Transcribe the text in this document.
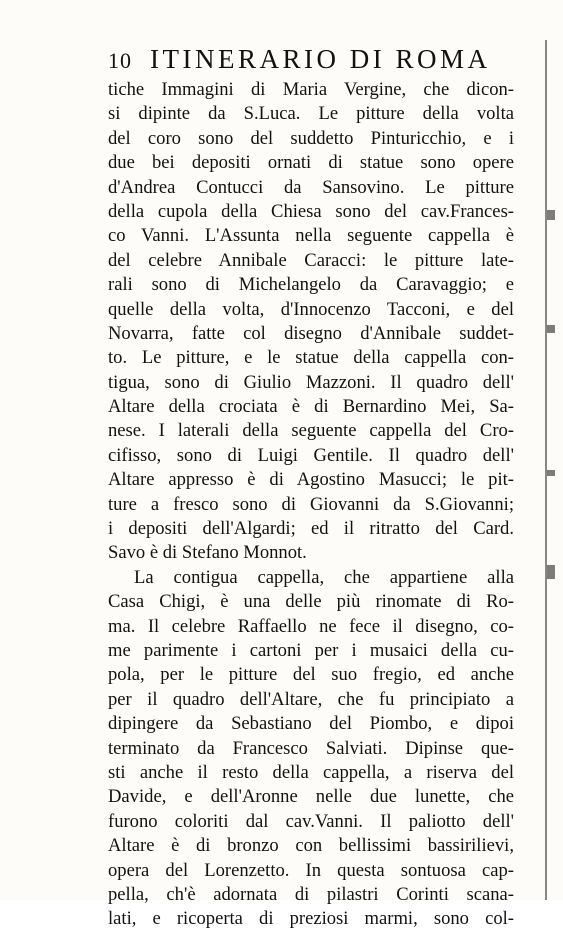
10 ITINERARIO DI ROMA
tiche Immagini di Maria Vergine, che dicon-
si dipinte da S.Luca. Le pitture della volta
del coro sono del suddetto Pinturicchio, e i
due bei depositi ornati di statue sono opere
d'Andrea Contucci da Sansovino. Le pitture
della cupola della Chiesa sono del cav.Frances-
co Vanni. L'Assunta nella seguente cappella è
del celebre Annibale Caracci: le pitture late-
rali sono di Michelangelo da Caravaggio; e
quelle della volta, d'Innocenzo Tacconi, e del
Novarra, fatte col disegno d'Annibale suddet-
to. Le pitture, e le statue della cappella con-
tigua, sono di Giulio Mazzoni. Il quadro dell'
Altare della crociata è di Bernardino Mei, Sa-
nese. I laterali della seguente cappella del Cro-
cifisso, sono di Luigi Gentile. Il quadro dell'
Altare appresso è di Agostino Masucci; le pit-
ture a fresco sono di Giovanni da S.Giovanni;
i depositi dell'Algardi; ed il ritratto del Card.
Savo è di Stefano Monnot.
La contigua cappella, che appartiene alla
Casa Chigi, è una delle più rinomate di Ro-
ma. Il celebre Raffaello ne fece il disegno, co-
me parimente i cartoni per i musaici della cu-
pola, per le pitture del suo fregio, ed anche
per il quadro dell'Altare, che fu principiato a
dipingere da Sebastiano del Piombo, e dipoi
terminato da Francesco Salviati. Dipinse que-
sti anche il resto della cappella, a riserva del
Davide, e dell'Aronne nelle due lunette, che
furono coloriti dal cav.Vanni. Il paliotto dell'
Altare è di bronzo con bellissimi bassirilievi,
opera del Lorenzetto. In questa sontuosa cap-
pella, ch'è adornata di pilastri Corinti scana-
lati, e ricoperta di preziosi marmi, sono col-
